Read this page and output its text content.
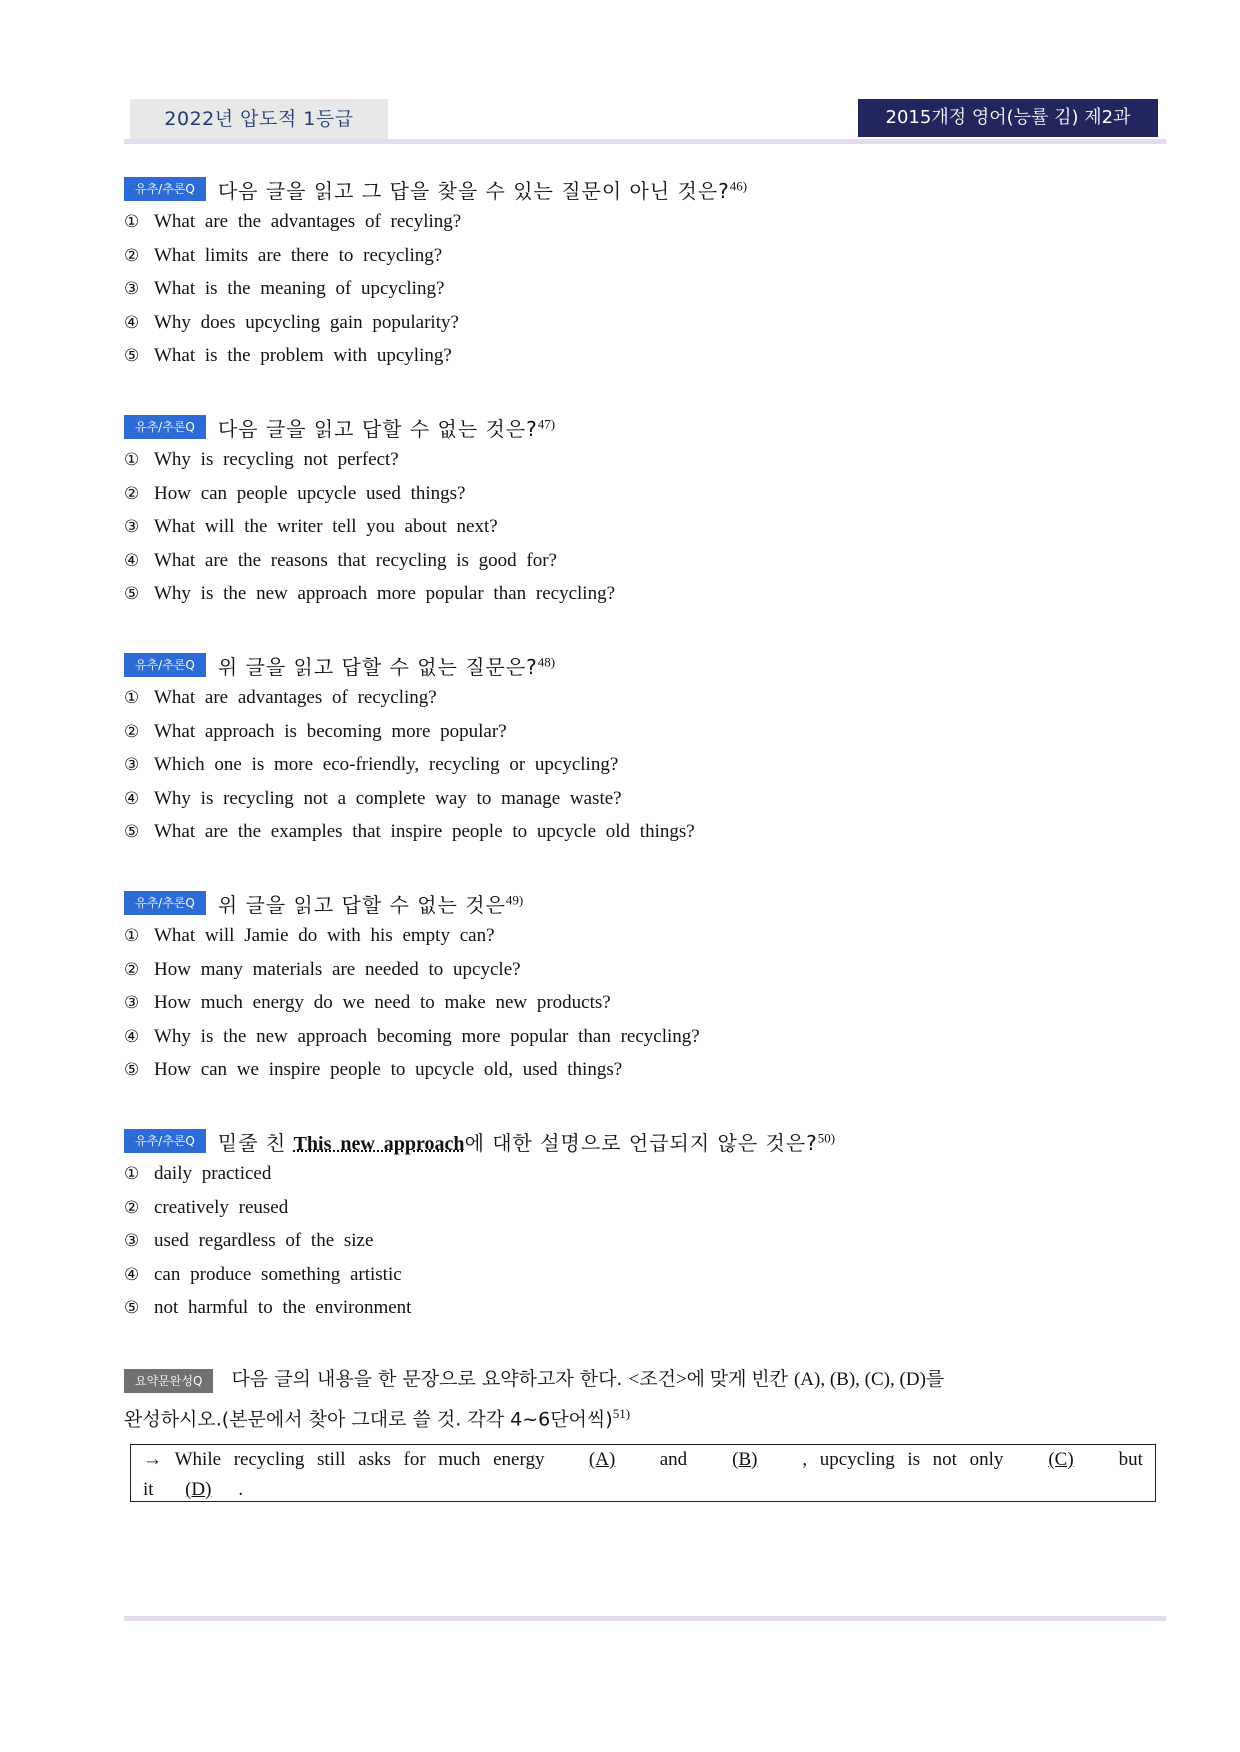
2022년 압도적 1등급	2015개정 영어(능률 김) 제2과
유추/추론Q	다음 글을 읽고 그 답을 찾을 수 있는 질문이 아닌 것은?$^{46)}$
① What are the advantages of recyling?
② What limits are there to recycling?
③ What is the meaning of upcycling?
④ Why does upcycling gain popularity?
⑤ What is the problem with upcyling?
유추/추론Q	다음 글을 읽고 답할 수 없는 것은?$^{47)}$
① Why is recycling not perfect?
② How can people upcycle used things?
③ What will the writer tell you about next?
④ What are the reasons that recycling is good for?
⑤ Why is the new approach more popular than recycling?
유추/추론Q	위 글을 읽고 답할 수 없는 질문은?$^{48)}$
① What are advantages of recycling?
② What approach is becoming more popular?
③ Which one is more eco-friendly, recycling or upcycling?
④ Why is recycling not a complete way to manage waste?
⑤ What are the examples that inspire people to upcycle old things?
유추/추론Q	위 글을 읽고 답할 수 없는 것은$^{49)}$
① What will Jamie do with his empty can?
② How many materials are needed to upcycle?
③ How much energy do we need to make new products?
④ Why is the new approach becoming more popular than recycling?
⑤ How can we inspire people to upcycle old, used things?
유추/추론Q	밑줄 친 This new approach에 대한 설명으로 언급되지 않은 것은?$^{50)}$
① daily practiced
② creatively reused
③ used regardless of the size
④ can produce something artistic
⑤ not harmful to the environment
요약문완성Q 다음 글의 내용을 한 문장으로 요약하고자 한다. <조건>에 맞게 빈칸 (A), (B), (C), (D)를
완성하시오.(본문에서 찾아 그대로 쓸 것. 각각 4~6단어씩)$^{51)}$
→ While recycling still asks for much energy	(A)	and	(B)	, upcycling is not only	(C)	but
it (D) .
